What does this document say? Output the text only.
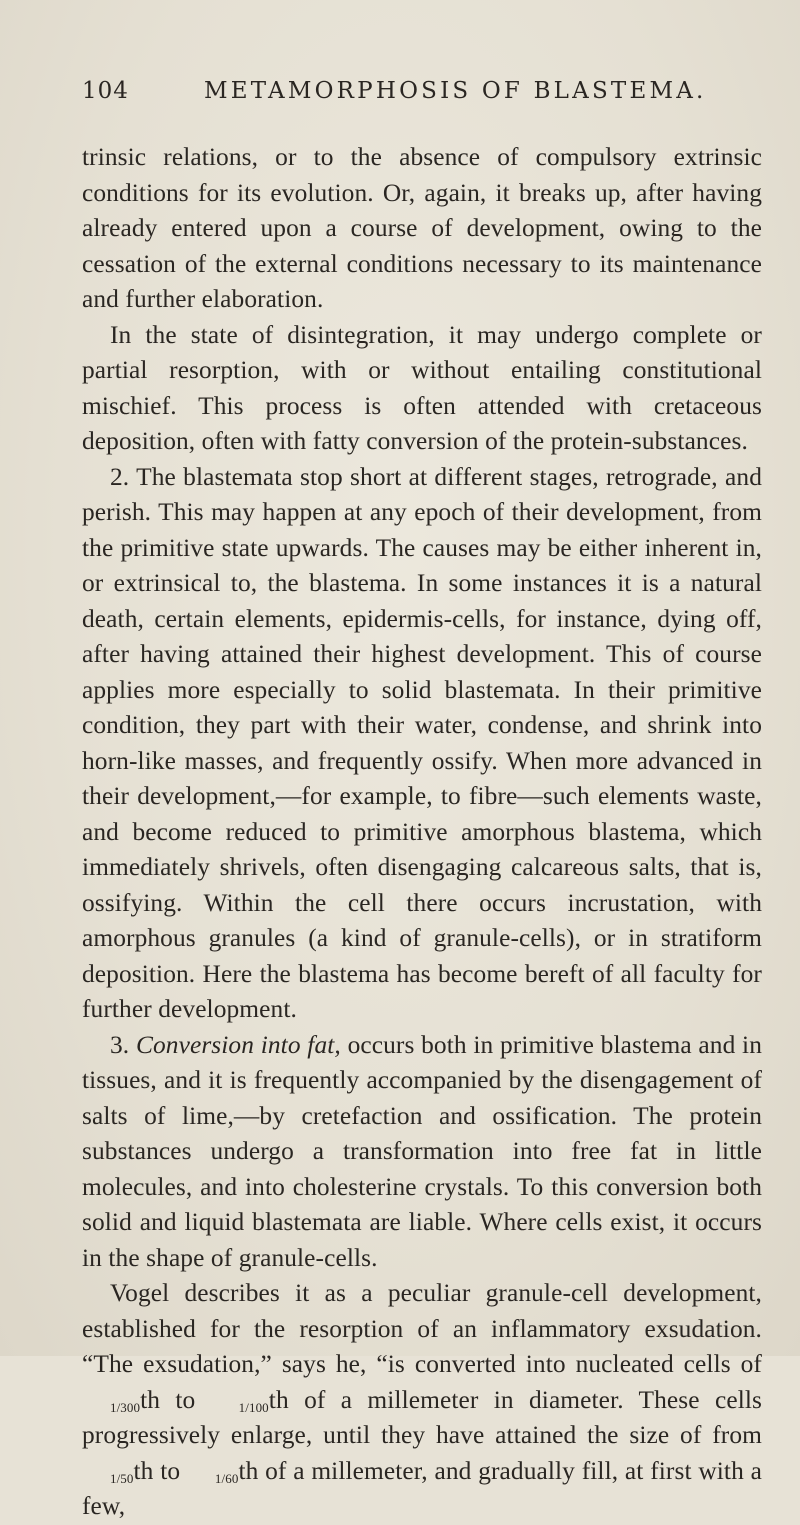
104	METAMORPHOSIS OF BLASTEMA.

trinsic relations, or to the absence of compulsory extrinsic conditions for its evolution. Or, again, it breaks up, after having already entered upon a course of development, owing to the cessation of the external conditions necessary to its maintenance and further elaboration.

In the state of disintegration, it may undergo complete or partial resorption, with or without entailing constitutional mischief. This process is often attended with cretaceous deposition, often with fatty conversion of the protein-substances.

2. The blastemata stop short at different stages, retrograde, and perish. This may happen at any epoch of their development, from the primitive state upwards. The causes may be either inherent in, or extrinsical to, the blastema. In some instances it is a natural death, certain elements, epidermis-cells, for instance, dying off, after having attained their highest development. This of course applies more especially to solid blastemata. In their primitive condition, they part with their water, condense, and shrink into horn-like masses, and frequently ossify. When more advanced in their development,—for example, to fibre—such elements waste, and become reduced to primitive amorphous blastema, which immediately shrivels, often disengaging calcareous salts, that is, ossifying. Within the cell there occurs incrustation, with amorphous granules (a kind of granule-cells), or in stratiform deposition. Here the blastema has become bereft of all faculty for further development.

3. Conversion into fat, occurs both in primitive blastema and in tissues, and it is frequently accompanied by the disengagement of salts of lime,—by cretefaction and ossification. The protein substances undergo a transformation into free fat in little molecules, and into cholesterine crystals. To this conversion both solid and liquid blastemata are liable. Where cells exist, it occurs in the shape of granule-cells.

Vogel describes it as a peculiar granule-cell development, established for the resorption of an inflammatory exsudation. “The exsudation,” says he, “is converted into nucleated cells of 1/300th to	1/100th of a millemeter in diameter. These cells progressively enlarge, until they have attained the size of from 1/50th to	1/60th of a millemeter, and gradually fill, at first with a few,
